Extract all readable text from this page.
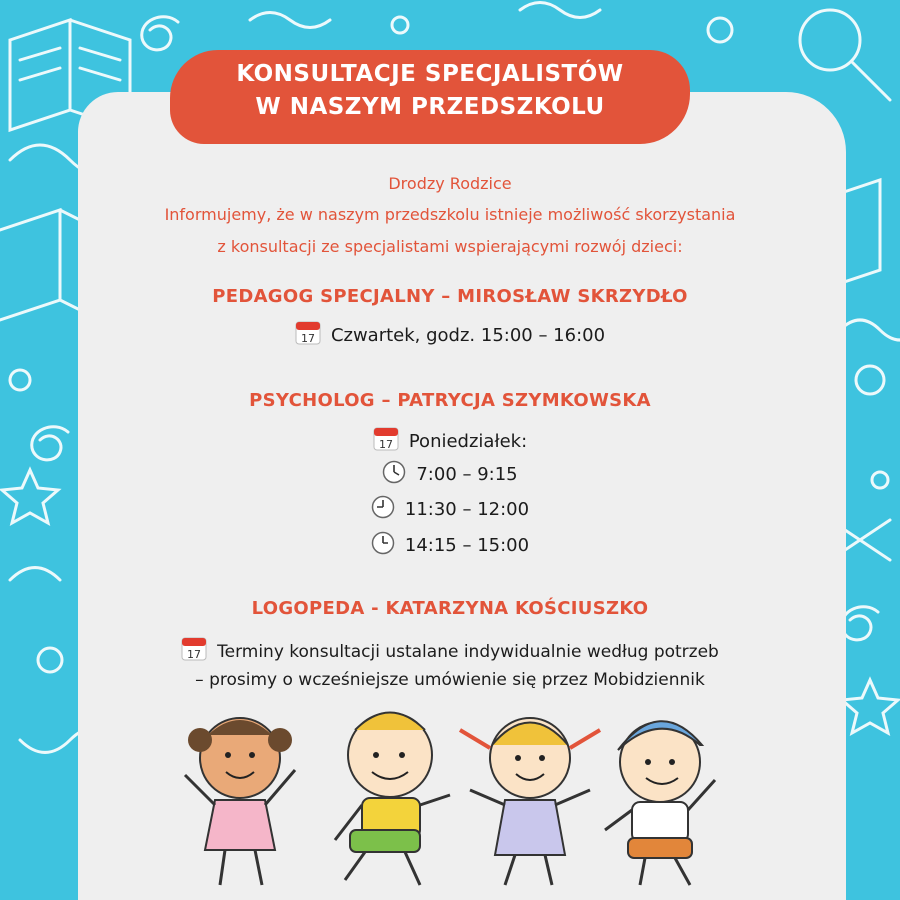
KONSULTACJE SPECJALISTÓW
W NASZYM PRZEDSZKOLU
Drodzy Rodzice
Informujemy, że w naszym przedszkolu istnieje możliwość skorzystania
z konsultacji ze specjalistami wspierającymi rozwój dzieci:
PEDAGOG SPECJALNY – MIROSŁAW SKRZYDŁO
17 Czwartek, godz. 15:00 – 16:00
PSYCHOLOG – PATRYCJA SZYMKOWSKA
17 Poniedziałek:
7:00 – 9:15
11:30 – 12:00
14:15 – 15:00
LOGOPEDA - KATARZYNA KOŚCIUSZKO
17 Terminy konsultacji ustalane indywidualnie według potrzeb
– prosimy o wcześniejsze umówienie się przez Mobidziennik
